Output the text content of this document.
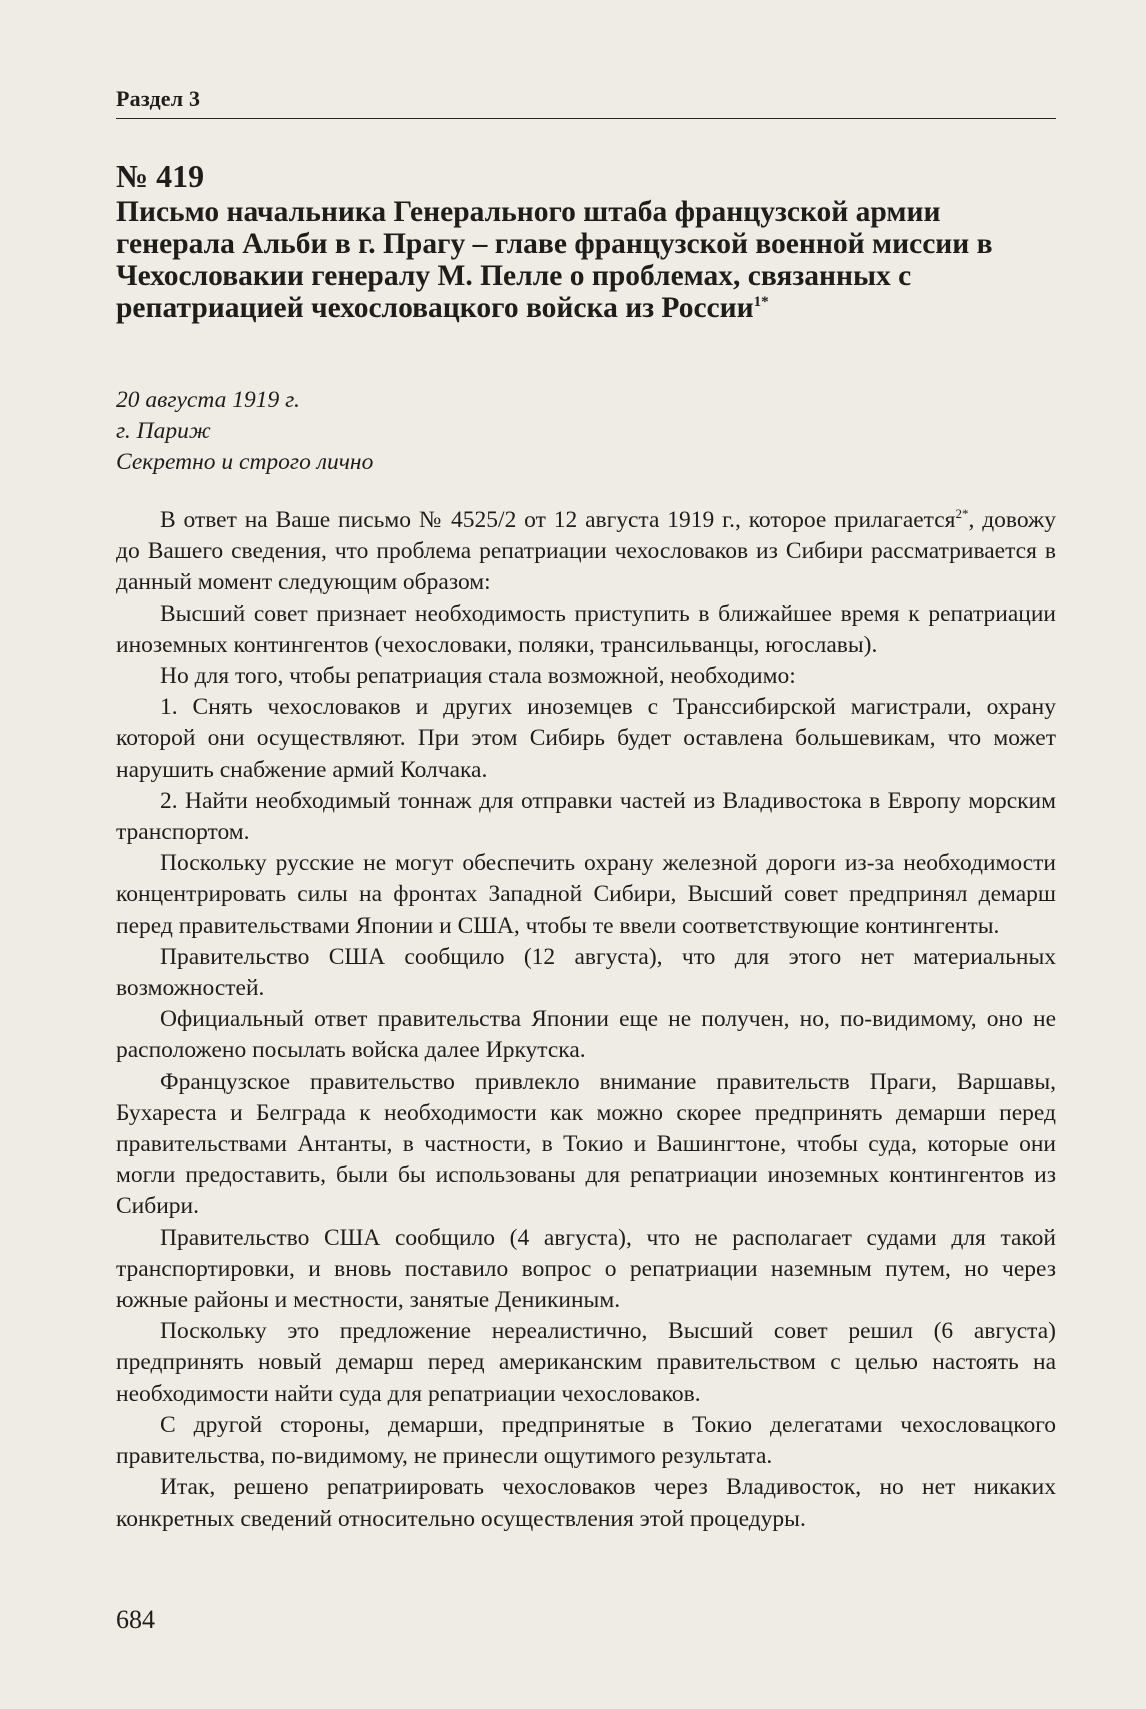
Раздел 3
№ 419
Письмо начальника Генерального штаба французской армии генерала Альби в г. Прагу – главе французской военной миссии в Чехословакии генералу М. Пелле о проблемах, связанных с репатриацией чехословацкого войска из России$^{1*}$
20 августа 1919 г.
г. Париж
Секретно и строго лично

В ответ на Ваше письмо № 4525/2 от 12 августа 1919 г., которое прилагается$^{2*}$, довожу до Вашего сведения, что проблема репатриации чехословаков из Сибири рассматривается в данный момент следующим образом:

Высший совет признает необходимость приступить в ближайшее время к репатриации иноземных контингентов (чехословаки, поляки, трансильванцы, югославы).

Но для того, чтобы репатриация стала возможной, необходимо:

1. Снять чехословаков и других иноземцев с Транссибирской магистрали, охрану которой они осуществляют. При этом Сибирь будет оставлена большевикам, что может нарушить снабжение армий Колчака.

2. Найти необходимый тоннаж для отправки частей из Владивостока в Европу морским транспортом.

Поскольку русские не могут обеспечить охрану железной дороги из-за необходимости концентрировать силы на фронтах Западной Сибири, Высший совет предпринял демарш перед правительствами Японии и США, чтобы те ввели соответствующие контингенты.

Правительство США сообщило (12 августа), что для этого нет материальных возможностей.

Официальный ответ правительства Японии еще не получен, но, по-видимому, оно не расположено посылать войска далее Иркутска.

Французское правительство привлекло внимание правительств Праги, Варшавы, Бухареста и Белграда к необходимости как можно скорее предпринять демарши перед правительствами Антанты, в частности, в Токио и Вашингтоне, чтобы суда, которые они могли предоставить, были бы использованы для репатриации иноземных контингентов из Сибири.

Правительство США сообщило (4 августа), что не располагает судами для такой транспортировки, и вновь поставило вопрос о репатриации наземным путем, но через южные районы и местности, занятые Деникиным.

Поскольку это предложение нереалистично, Высший совет решил (6 августа) предпринять новый демарш перед американским правительством с целью настоять на необходимости найти суда для репатриации чехословаков.

С другой стороны, демарши, предпринятые в Токио делегатами чехословацкого правительства, по-видимому, не принесли ощутимого результата.

Итак, решено репатриировать чехословаков через Владивосток, но нет никаких конкретных сведений относительно осуществления этой процедуры.

684
